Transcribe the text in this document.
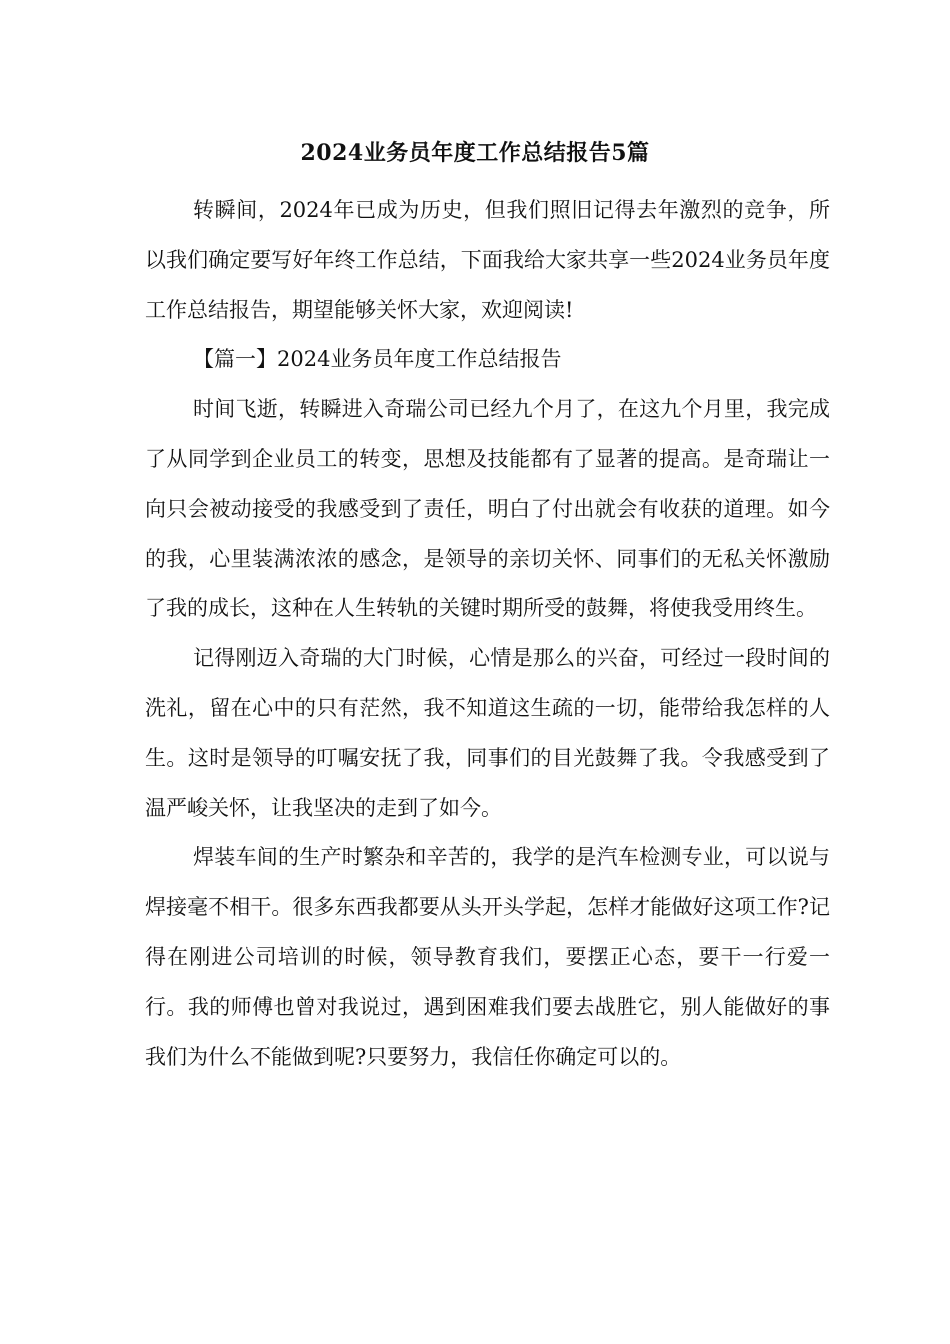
2024业务员年度工作总结报告5篇

转瞬间，2024年已成为历史，但我们照旧记得去年激烈的竞争，所以我们确定要写好年终工作总结，下面我给大家共享一些2024业务员年度工作总结报告，期望能够关怀大家，欢迎阅读!

【篇一】2024业务员年度工作总结报告

时间飞逝，转瞬进入奇瑞公司已经九个月了，在这九个月里，我完成了从同学到企业员工的转变，思想及技能都有了显著的提高。是奇瑞让一向只会被动接受的我感受到了责任，明白了付出就会有收获的道理。如今的我，心里装满浓浓的感念，是领导的亲切关怀、同事们的无私关怀激励了我的成长，这种在人生转轨的关键时期所受的鼓舞，将使我受用终生。

记得刚迈入奇瑞的大门时候，心情是那么的兴奋，可经过一段时间的洗礼，留在心中的只有茫然，我不知道这生疏的一切，能带给我怎样的人生。这时是领导的叮嘱安抚了我，同事们的目光鼓舞了我。令我感受到了温严峻关怀，让我坚决的走到了如今。

焊装车间的生产时繁杂和辛苦的，我学的是汽车检测专业，可以说与焊接毫不相干。很多东西我都要从头开头学起，怎样才能做好这项工作?记得在刚进公司培训的时候，领导教育我们，要摆正心态，要干一行爱一行。我的师傅也曾对我说过，遇到困难我们要去战胜它，别人能做好的事我们为什么不能做到呢?只要努力，我信任你确定可以的。
